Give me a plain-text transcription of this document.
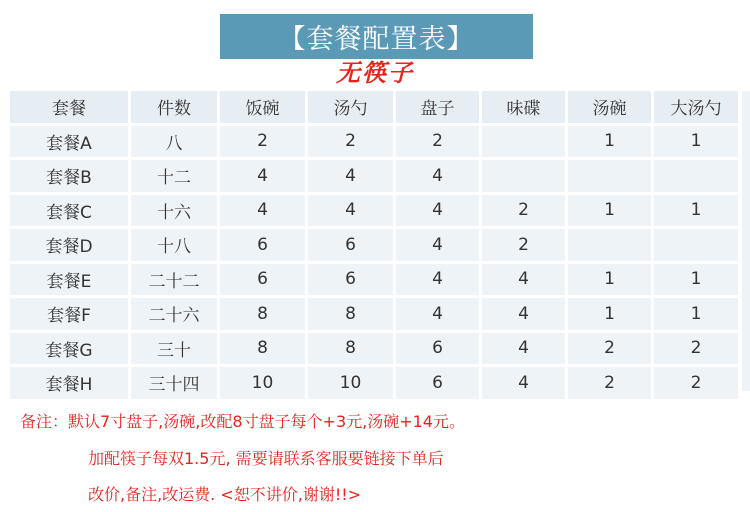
【套餐配置表】
无筷子
套餐	件数	饭碗	汤勺	盘子	味碟	汤碗	大汤勺
套餐A	八	2	2	2		1	1
套餐B	十二	4	4	4			
套餐C	十六	4	4	4	2	1	1
套餐D	十八	6	6	4	2		
套餐E	二十二	6	6	4	4	1	1
套餐F	二十六	8	8	4	4	1	1
套餐G	三十	8	8	6	4	2	2
套餐H	三十四	10	10	6	4	2	2
备注：默认7寸盘子,汤碗,改配8寸盘子每个+3元,汤碗+14元。
加配筷子每双1.5元, 需要请联系客服要链接下单后
改价,备注,改运费. <恕不讲价,谢谢!!>
